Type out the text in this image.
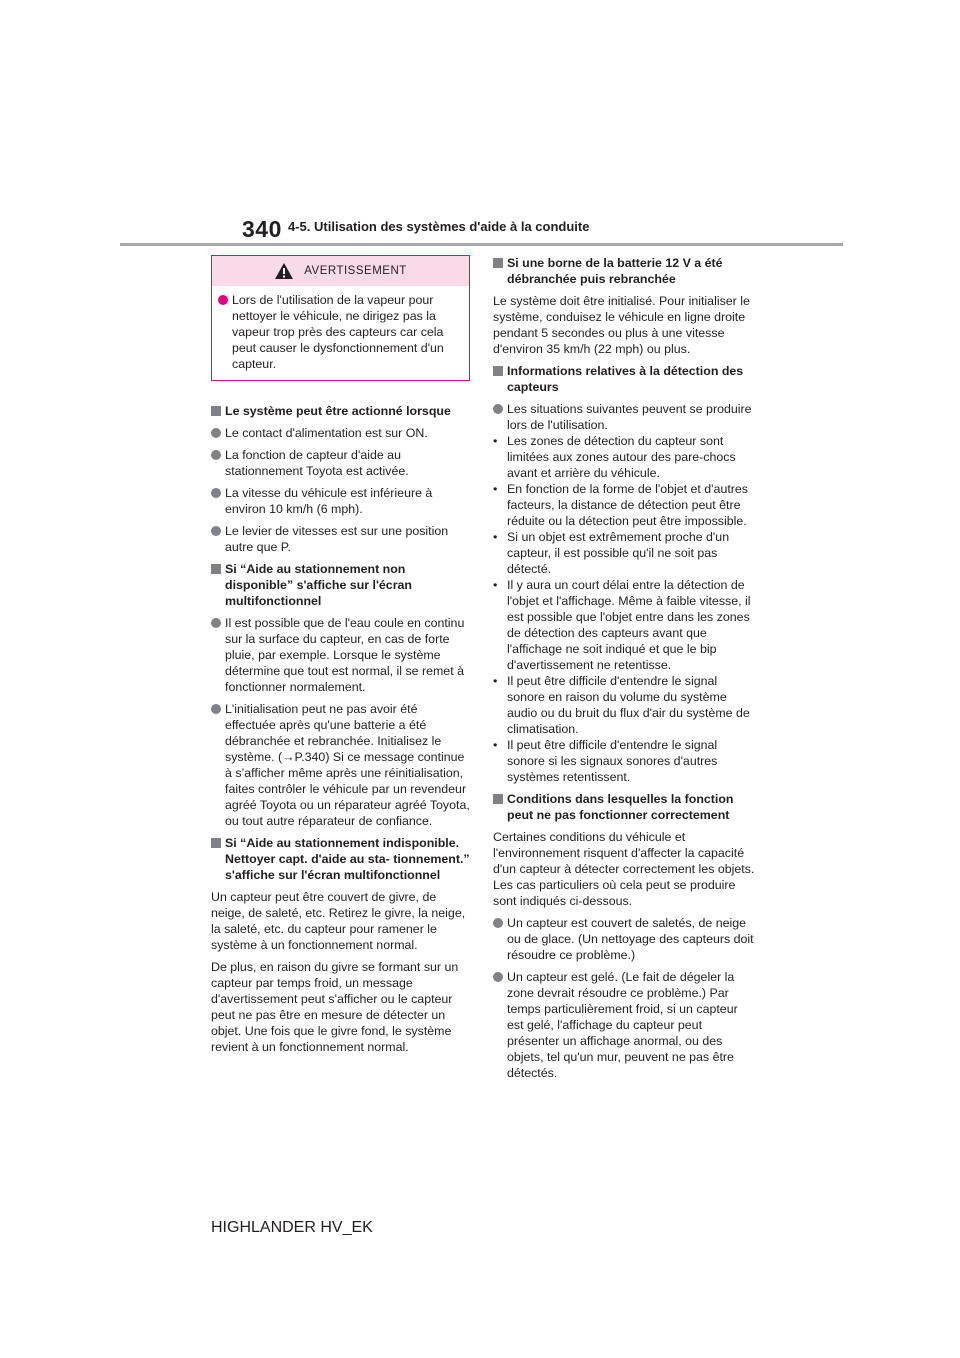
340 4-5. Utilisation des systèmes d'aide à la conduite
AVERTISSEMENT
Lors de l'utilisation de la vapeur pour nettoyer le véhicule, ne dirigez pas la vapeur trop près des capteurs car cela peut causer le dysfonctionnement d'un capteur.
Le système peut être actionné lorsque
Le contact d'alimentation est sur ON.
La fonction de capteur d'aide au stationnement Toyota est activée.
La vitesse du véhicule est inférieure à environ 10 km/h (6 mph).
Le levier de vitesses est sur une position autre que P.
Si “Aide au stationnement non disponible” s'affiche sur l'écran multifonctionnel
Il est possible que de l'eau coule en continu sur la surface du capteur, en cas de forte pluie, par exemple. Lorsque le système détermine que tout est normal, il se remet à fonctionner normalement.
L'initialisation peut ne pas avoir été effectuée après qu'une batterie a été débranchée et rebranchée. Initialisez le système. (→P.340) Si ce message continue à s’afficher même après une réinitialisation, faites contrôler le véhicule par un revendeur agréé Toyota ou un réparateur agréé Toyota, ou tout autre réparateur de confiance.
Si “Aide au stationnement indisponible. Nettoyer capt. d'aide au sta- tionnement.” s'affiche sur l'écran multifonctionnel

Un capteur peut être couvert de givre, de neige, de saleté, etc. Retirez le givre, la neige, la saleté, etc. du capteur pour ramener le système à un fonctionnement normal.

De plus, en raison du givre se formant sur un capteur par temps froid, un message d'avertissement peut s'afficher ou le capteur peut ne pas être en mesure de détecter un objet. Une fois que le givre fond, le système revient à un fonctionnement normal.

Si une borne de la batterie 12 V a été débranchée puis rebranchée

Le système doit être initialisé. Pour initialiser le système, conduisez le véhicule en ligne droite pendant 5 secondes ou plus à une vitesse d'environ 35 km/h (22 mph) ou plus.

Informations relatives à la détection des capteurs
Les situations suivantes peuvent se produire lors de l'utilisation.
• Les zones de détection du capteur sont limitées aux zones autour des pare-chocs avant et arrière du véhicule.
• En fonction de la forme de l'objet et d'autres facteurs, la distance de détection peut être réduite ou la détection peut être impossible.
• Si un objet est extrêmement proche d'un capteur, il est possible qu'il ne soit pas détecté.
• Il y aura un court délai entre la détection de l'objet et l'affichage. Même à faible vitesse, il est possible que l'objet entre dans les zones de détection des capteurs avant que l'affichage ne soit indiqué et que le bip d'avertissement ne retentisse.
• Il peut être difficile d'entendre le signal sonore en raison du volume du système audio ou du bruit du flux d'air du système de climatisation.
• Il peut être difficile d'entendre le signal sonore si les signaux sonores d'autres systèmes retentissent.
Conditions dans lesquelles la fonction peut ne pas fonctionner correctement

Certaines conditions du véhicule et l'environnement risquent d'affecter la capacité d'un capteur à détecter correctement les objets. Les cas particuliers où cela peut se produire sont indiqués ci-dessous.

Un capteur est couvert de saletés, de neige ou de glace. (Un nettoyage des capteurs doit résoudre ce problème.)
Un capteur est gelé. (Le fait de dégeler la zone devrait résoudre ce problème.) Par temps particulièrement froid, si un capteur est gelé, l'affichage du capteur peut présenter un affichage anormal, ou des objets, tel qu'un mur, peuvent ne pas être détectés.
HIGHLANDER HV_EK
